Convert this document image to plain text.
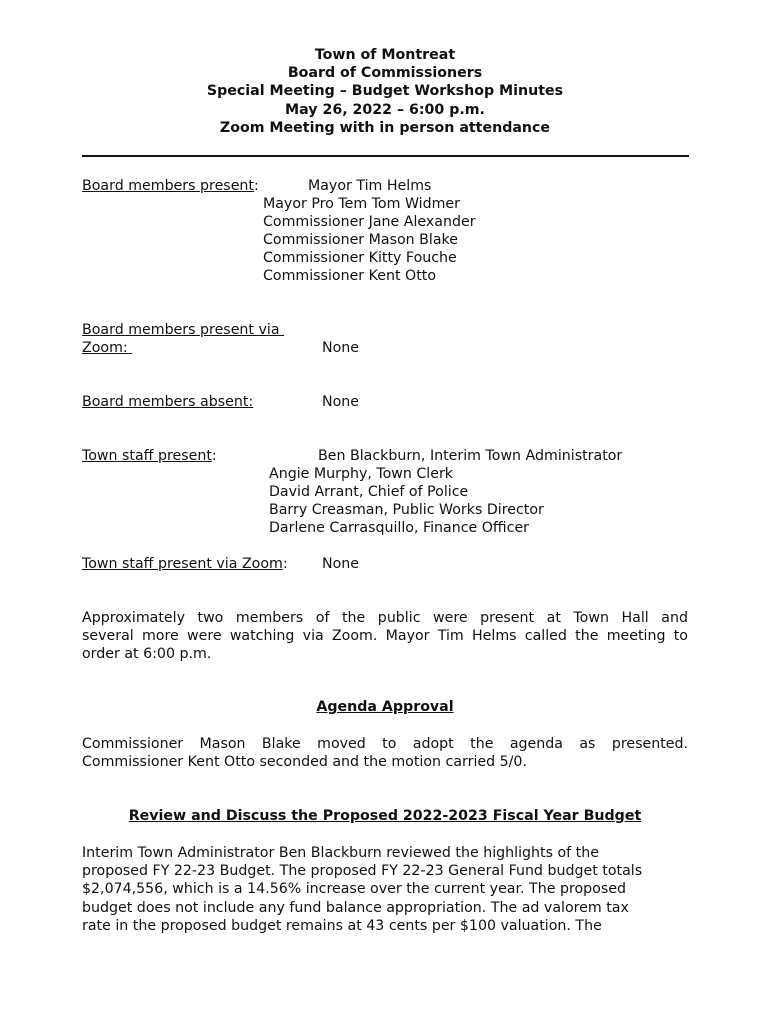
Town of Montreat
Board of Commissioners
Special Meeting – Budget Workshop Minutes
May 26, 2022 – 6:00 p.m.
Zoom Meeting with in person attendance
Board members present:	Mayor Tim Helms
Mayor Pro Tem Tom Widmer
Commissioner Jane Alexander
Commissioner Mason Blake
Commissioner Kitty Fouche
Commissioner Kent Otto
Board members present via
Zoom:	None
Board members absent:	None
Town staff present:	Ben Blackburn, Interim Town Administrator
Angie Murphy, Town Clerk
David Arrant, Chief of Police
Barry Creasman, Public Works Director
Darlene Carrasquillo, Finance Officer
Town staff present via Zoom: None
Approximately two members of the public were present at Town Hall and
several more were watching via Zoom. Mayor Tim Helms called the meeting to
order at 6:00 p.m.
Agenda Approval
Commissioner Mason Blake moved to adopt the agenda as presented.
Commissioner Kent Otto seconded and the motion carried 5/0.
Review and Discuss the Proposed 2022-2023 Fiscal Year Budget
Interim Town Administrator Ben Blackburn reviewed the highlights of the
proposed FY 22-23 Budget. The proposed FY 22-23 General Fund budget totals
$2,074,556, which is a 14.56% increase over the current year. The proposed
budget does not include any fund balance appropriation. The ad valorem tax
rate in the proposed budget remains at 43 cents per $100 valuation. The
